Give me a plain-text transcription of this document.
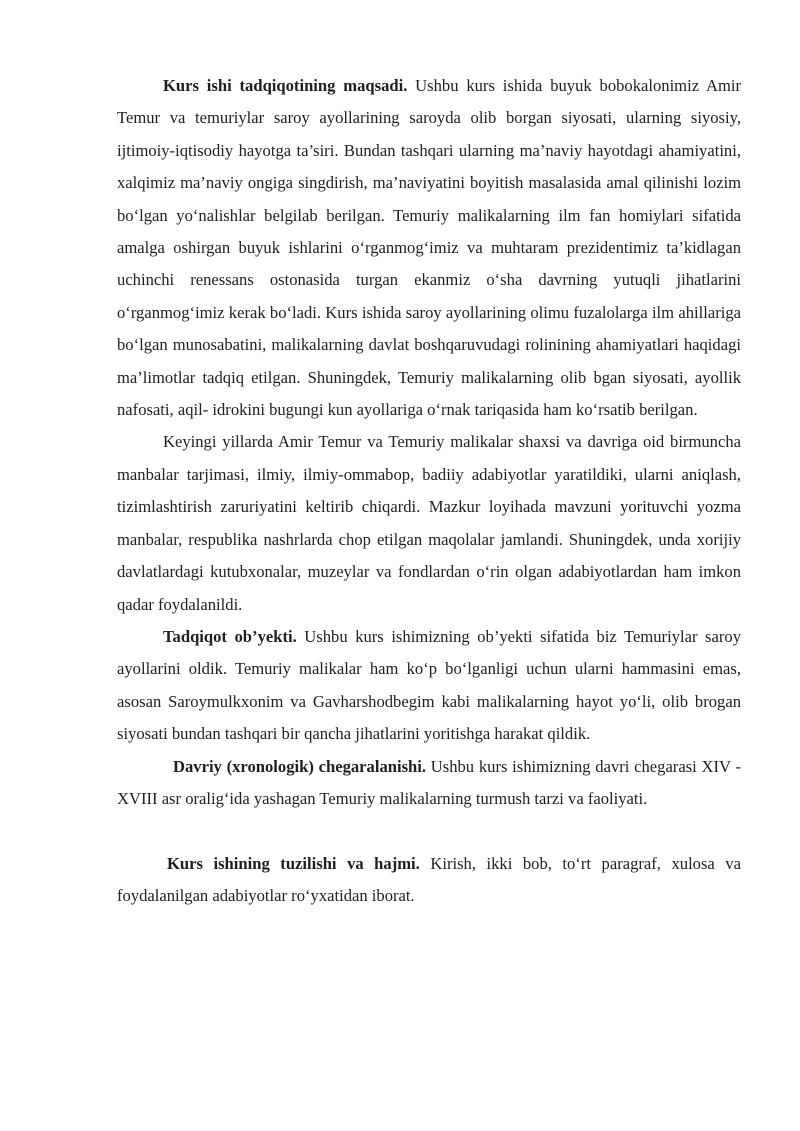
Kurs ishi tadqiqotining maqsadi. Ushbu kurs ishida buyuk bobokalonimiz Amir Temur va temuriylar saroy ayollarining saroyda olib borgan siyosati, ularning siyosiy, ijtimoiy-iqtisodiy hayotga ta’siri. Bundan tashqari ularning ma’naviy hayotdagi ahamiyatini, xalqimiz ma’naviy ongiga singdirish, ma’naviyatini boyitish masalasida amal qilinishi lozim bo‘lgan yo‘nalishlar belgilab berilgan. Temuriy malikalarning ilm fan homiylari sifatida amalga oshirgan buyuk ishlarini o‘rganmog‘imiz va muhtaram prezidentimiz ta’kidlagan uchinchi renessans ostonasida turgan ekanmiz o‘sha davrning yutuqli jihatlarini o‘rganmog‘imiz kerak bo‘ladi. Kurs ishida saroy ayollarining olimu fuzalolarga ilm ahillariga bo‘lgan munosabatini, malikalarning davlat boshqaruvudagi rolinining ahamiyatlari haqidagi ma’limotlar tadqiq etilgan. Shuningdek, Temuriy malikalarning olib bgan siyosati, ayollik nafosati, aqil- idrokini bugungi kun ayollariga o‘rnak tariqasida ham ko‘rsatib berilgan.

Keyingi yillarda Amir Temur va Temuriy malikalar shaxsi va davriga oid birmuncha manbalar tarjimasi, ilmiy, ilmiy-ommabop, badiiy adabiyotlar yaratildiki, ularni aniqlash, tizimlashtirish zaruriyatini keltirib chiqardi. Mazkur loyihada mavzuni yorituvchi yozma manbalar, respublika nashrlarda chop etilgan maqolalar jamlandi. Shuningdek, unda xorijiy davlatlardagi kutubxonalar, muzeylar va fondlardan o‘rin olgan adabiyotlardan ham imkon qadar foydalanildi.

Tadqiqot ob’yekti. Ushbu kurs ishimizning ob’yekti sifatida biz Temuriylar saroy ayollarini oldik. Temuriy malikalar ham ko‘p bo‘lganligi uchun ularni hammasini emas, asosan Saroymulkxonim va Gavharshodbegim kabi malikalarning hayot yo‘li, olib brogan siyosati bundan tashqari bir qancha jihatlarini yoritishga harakat qildik.

Davriy (xronologik) chegaralanishi. Ushbu kurs ishimizning davri chegarasi XIV - XVIII asr oralig‘ida yashagan Temuriy malikalarning turmush tarzi va faoliyati.

Kurs ishining tuzilishi va hajmi. Kirish, ikki bob, to‘rt paragraf, xulosa va foydalanilgan adabiyotlar ro‘yxatidan iborat.
